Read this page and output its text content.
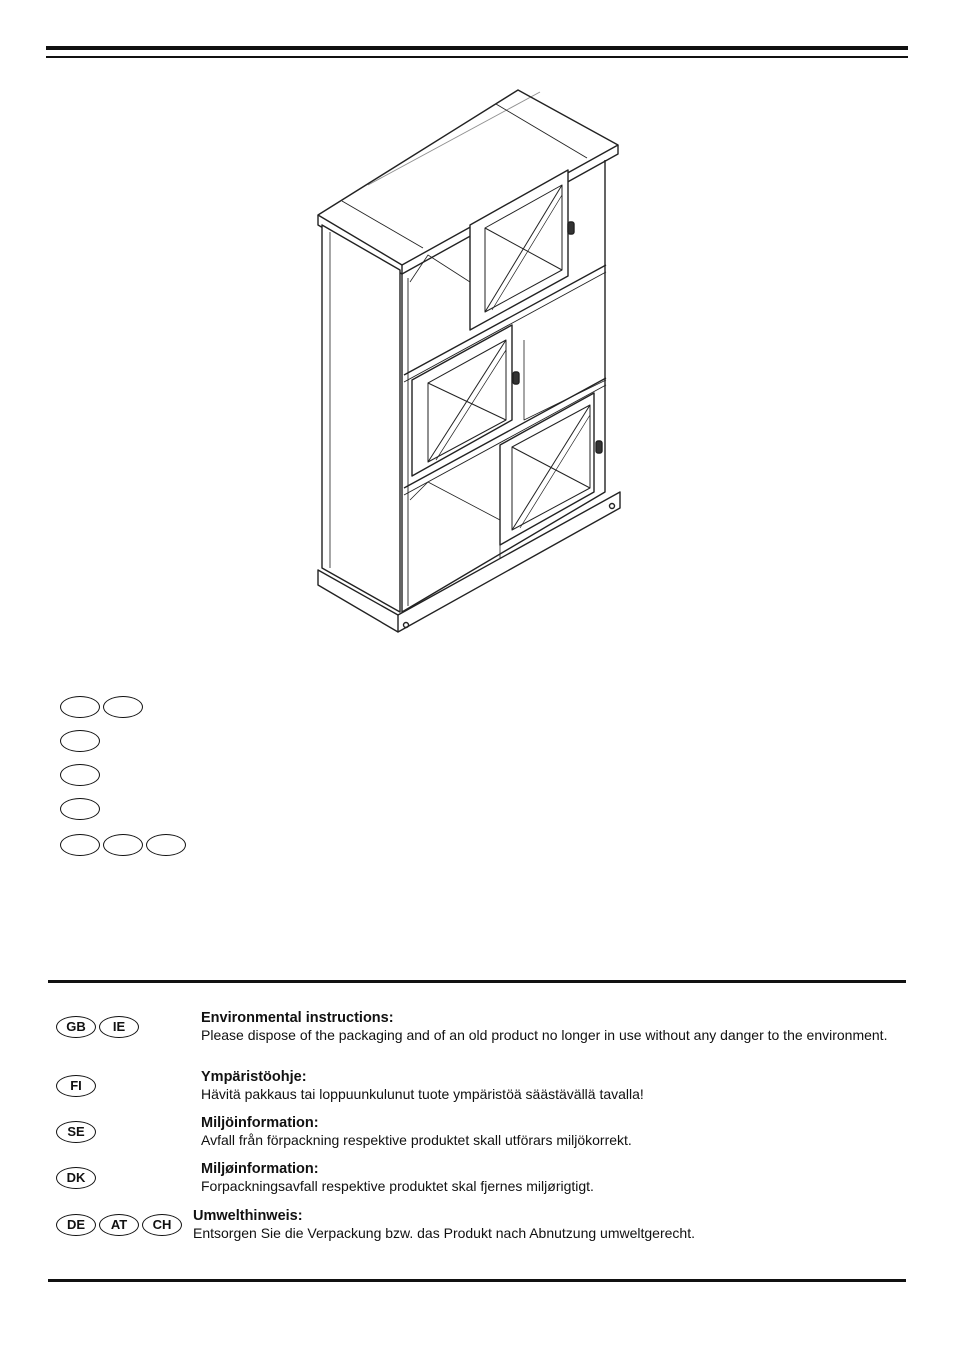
GB IE

Environmental instructions:

Please dispose of the packaging and of an old product no longer in use without any danger to the environment.

FI

Ympäristöohje:

Hävitä pakkaus tai loppuunkulunut tuote ympäristöä säästävällä tavalla!

SE

Miljöinformation:

Avfall från förpackning respektive produktet skall utförars miljökorrekt.

DK

Miljøinformation:

Forpackningsavfall respektive produktet skal fjernes miljørigtigt.

DE AT CH

Umwelthinweis:

Entsorgen Sie die Verpackung bzw. das Produkt nach Abnutzung umweltgerecht.
